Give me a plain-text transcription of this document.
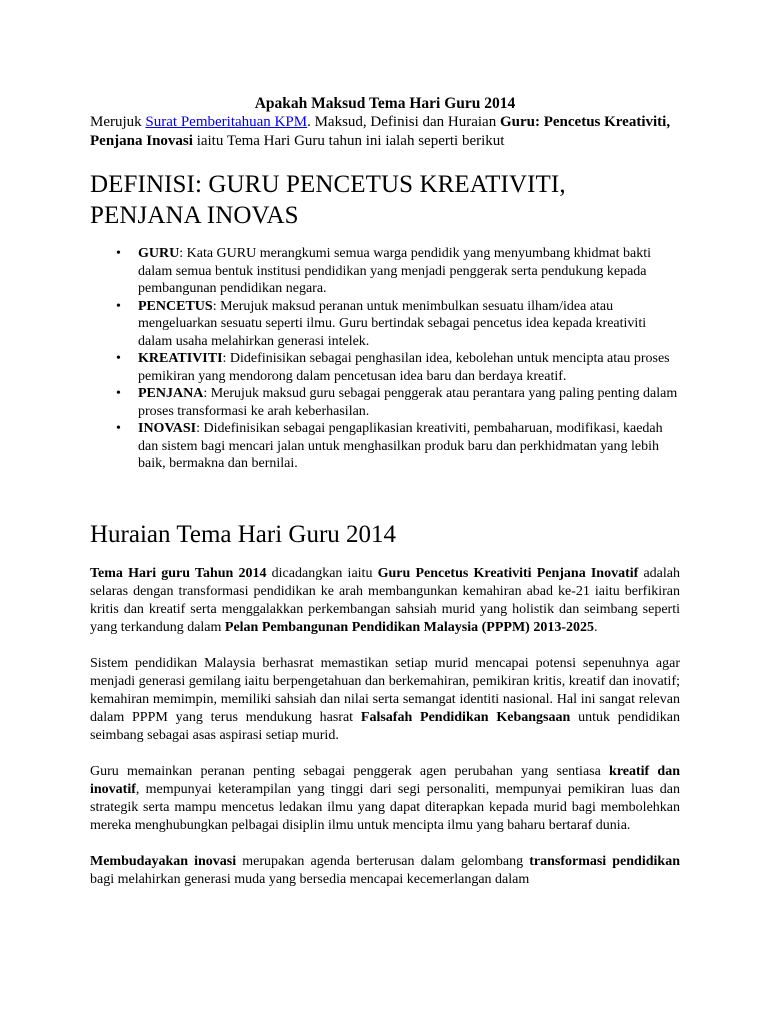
Apakah Maksud Tema Hari Guru 2014

Merujuk Surat Pemberitahuan KPM. Maksud, Definisi dan Huraian Guru: Pencetus Kreativiti, Penjana Inovasi iaitu Tema Hari Guru tahun ini ialah seperti berikut

DEFINISI: GURU PENCETUS KREATIVITI, PENJANA INOVAS
• GURU: Kata GURU merangkumi semua warga pendidik yang menyumbang khidmat bakti dalam semua bentuk institusi pendidikan yang menjadi penggerak serta pendukung kepada pembangunan pendidikan negara.
• PENCETUS: Merujuk maksud peranan untuk menimbulkan sesuatu ilham/idea atau mengeluarkan sesuatu seperti ilmu. Guru bertindak sebagai pencetus idea kepada kreativiti dalam usaha melahirkan generasi intelek.
• KREATIVITI: Didefinisikan sebagai penghasilan idea, kebolehan untuk mencipta atau proses pemikiran yang mendorong dalam pencetusan idea baru dan berdaya kreatif.
• PENJANA: Merujuk maksud guru sebagai penggerak atau perantara yang paling penting dalam proses transformasi ke arah keberhasilan.
• INOVASI: Didefinisikan sebagai pengaplikasian kreativiti, pembaharuan, modifikasi, kaedah dan sistem bagi mencari jalan untuk menghasilkan produk baru dan perkhidmatan yang lebih baik, bermakna dan bernilai.
Huraian Tema Hari Guru 2014

Tema Hari guru Tahun 2014 dicadangkan iaitu Guru Pencetus Kreativiti Penjana Inovatif adalah selaras dengan transformasi pendidikan ke arah membangunkan kemahiran abad ke-21 iaitu berfikiran kritis dan kreatif serta menggalakkan perkembangan sahsiah murid yang holistik dan seimbang seperti yang terkandung dalam Pelan Pembangunan Pendidikan Malaysia (PPPM) 2013-2025.

Sistem pendidikan Malaysia berhasrat memastikan setiap murid mencapai potensi sepenuhnya agar menjadi generasi gemilang iaitu berpengetahuan dan berkemahiran, pemikiran kritis, kreatif dan inovatif; kemahiran memimpin, memiliki sahsiah dan nilai serta semangat identiti nasional. Hal ini sangat relevan dalam PPPM yang terus mendukung hasrat Falsafah Pendidikan Kebangsaan untuk pendidikan seimbang sebagai asas aspirasi setiap murid.

Guru memainkan peranan penting sebagai penggerak agen perubahan yang sentiasa kreatif dan inovatif, mempunyai keterampilan yang tinggi dari segi personaliti, mempunyai pemikiran luas dan strategik serta mampu mencetus ledakan ilmu yang dapat diterapkan kepada murid bagi membolehkan mereka menghubungkan pelbagai disiplin ilmu untuk mencipta ilmu yang baharu bertaraf dunia.

Membudayakan inovasi merupakan agenda berterusan dalam gelombang transformasi pendidikan bagi melahirkan generasi muda yang bersedia mencapai kecemerlangan dalam
